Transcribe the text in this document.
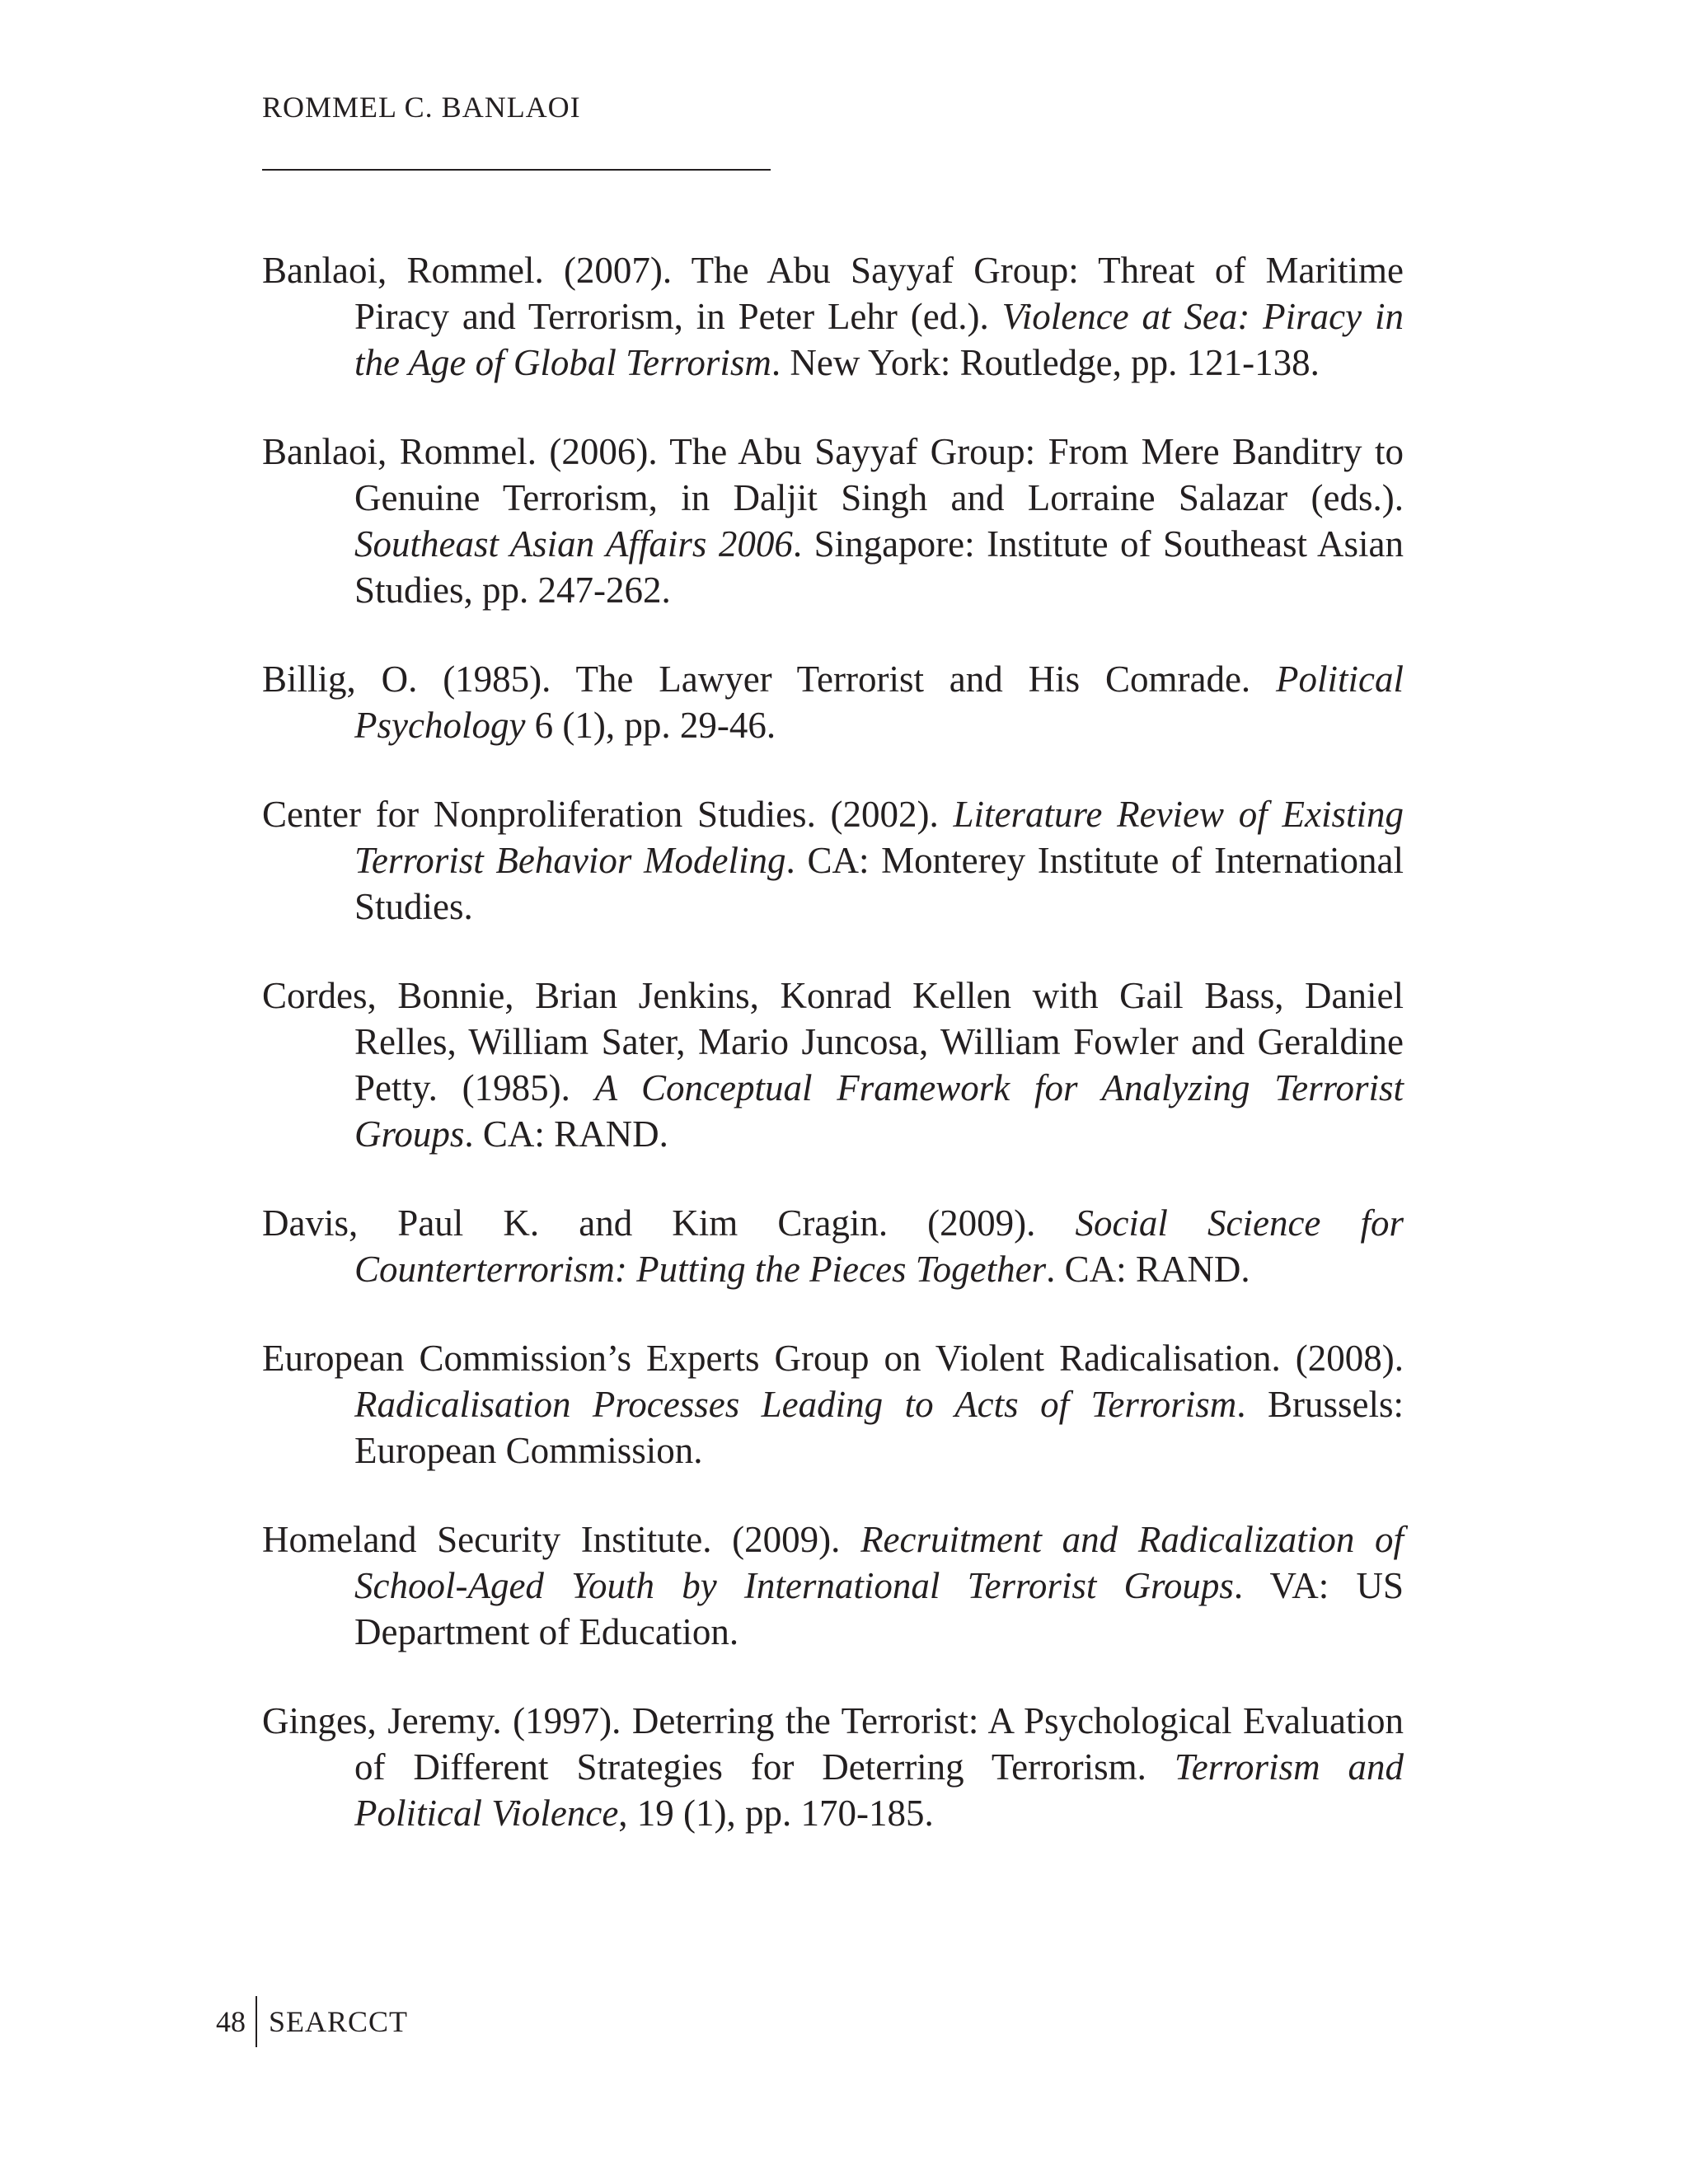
ROMMEL C. BANLAOI

Banlaoi, Rommel. (2007). The Abu Sayyaf Group: Threat of Maritime Piracy and Terrorism, in Peter Lehr (ed.). Violence at Sea: Piracy in the Age of Global Terrorism. New York: Routledge, pp. 121-138.

Banlaoi, Rommel. (2006). The Abu Sayyaf Group: From Mere Banditry to Genuine Terrorism, in Daljit Singh and Lorraine Salazar (eds.). Southeast Asian Affairs 2006. Singapore: Institute of Southeast Asian Studies, pp. 247-262.

Billig, O. (1985). The Lawyer Terrorist and His Comrade. Political Psychology 6 (1), pp. 29-46.

Center for Nonproliferation Studies. (2002). Literature Review of Existing Terrorist Behavior Modeling. CA: Monterey Institute of International Studies.

Cordes, Bonnie, Brian Jenkins, Konrad Kellen with Gail Bass, Daniel Relles, William Sater, Mario Juncosa, William Fowler and Geraldine Petty. (1985). A Conceptual Framework for Analyzing Terrorist Groups. CA: RAND.

Davis, Paul K. and Kim Cragin. (2009). Social Science for Counterterrorism: Putting the Pieces Together. CA: RAND.

European Commission’s Experts Group on Violent Radicalisation. (2008). Radicalisation Processes Leading to Acts of Terrorism. Brussels: European Commission.

Homeland Security Institute. (2009). Recruitment and Radicalization of School-Aged Youth by International Terrorist Groups. VA: US Department of Education.

Ginges, Jeremy. (1997). Deterring the Terrorist: A Psychological Evaluation of Different Strategies for Deterring Terrorism. Terrorism and Political Violence, 19 (1), pp. 170-185.

48 SEARCCT
